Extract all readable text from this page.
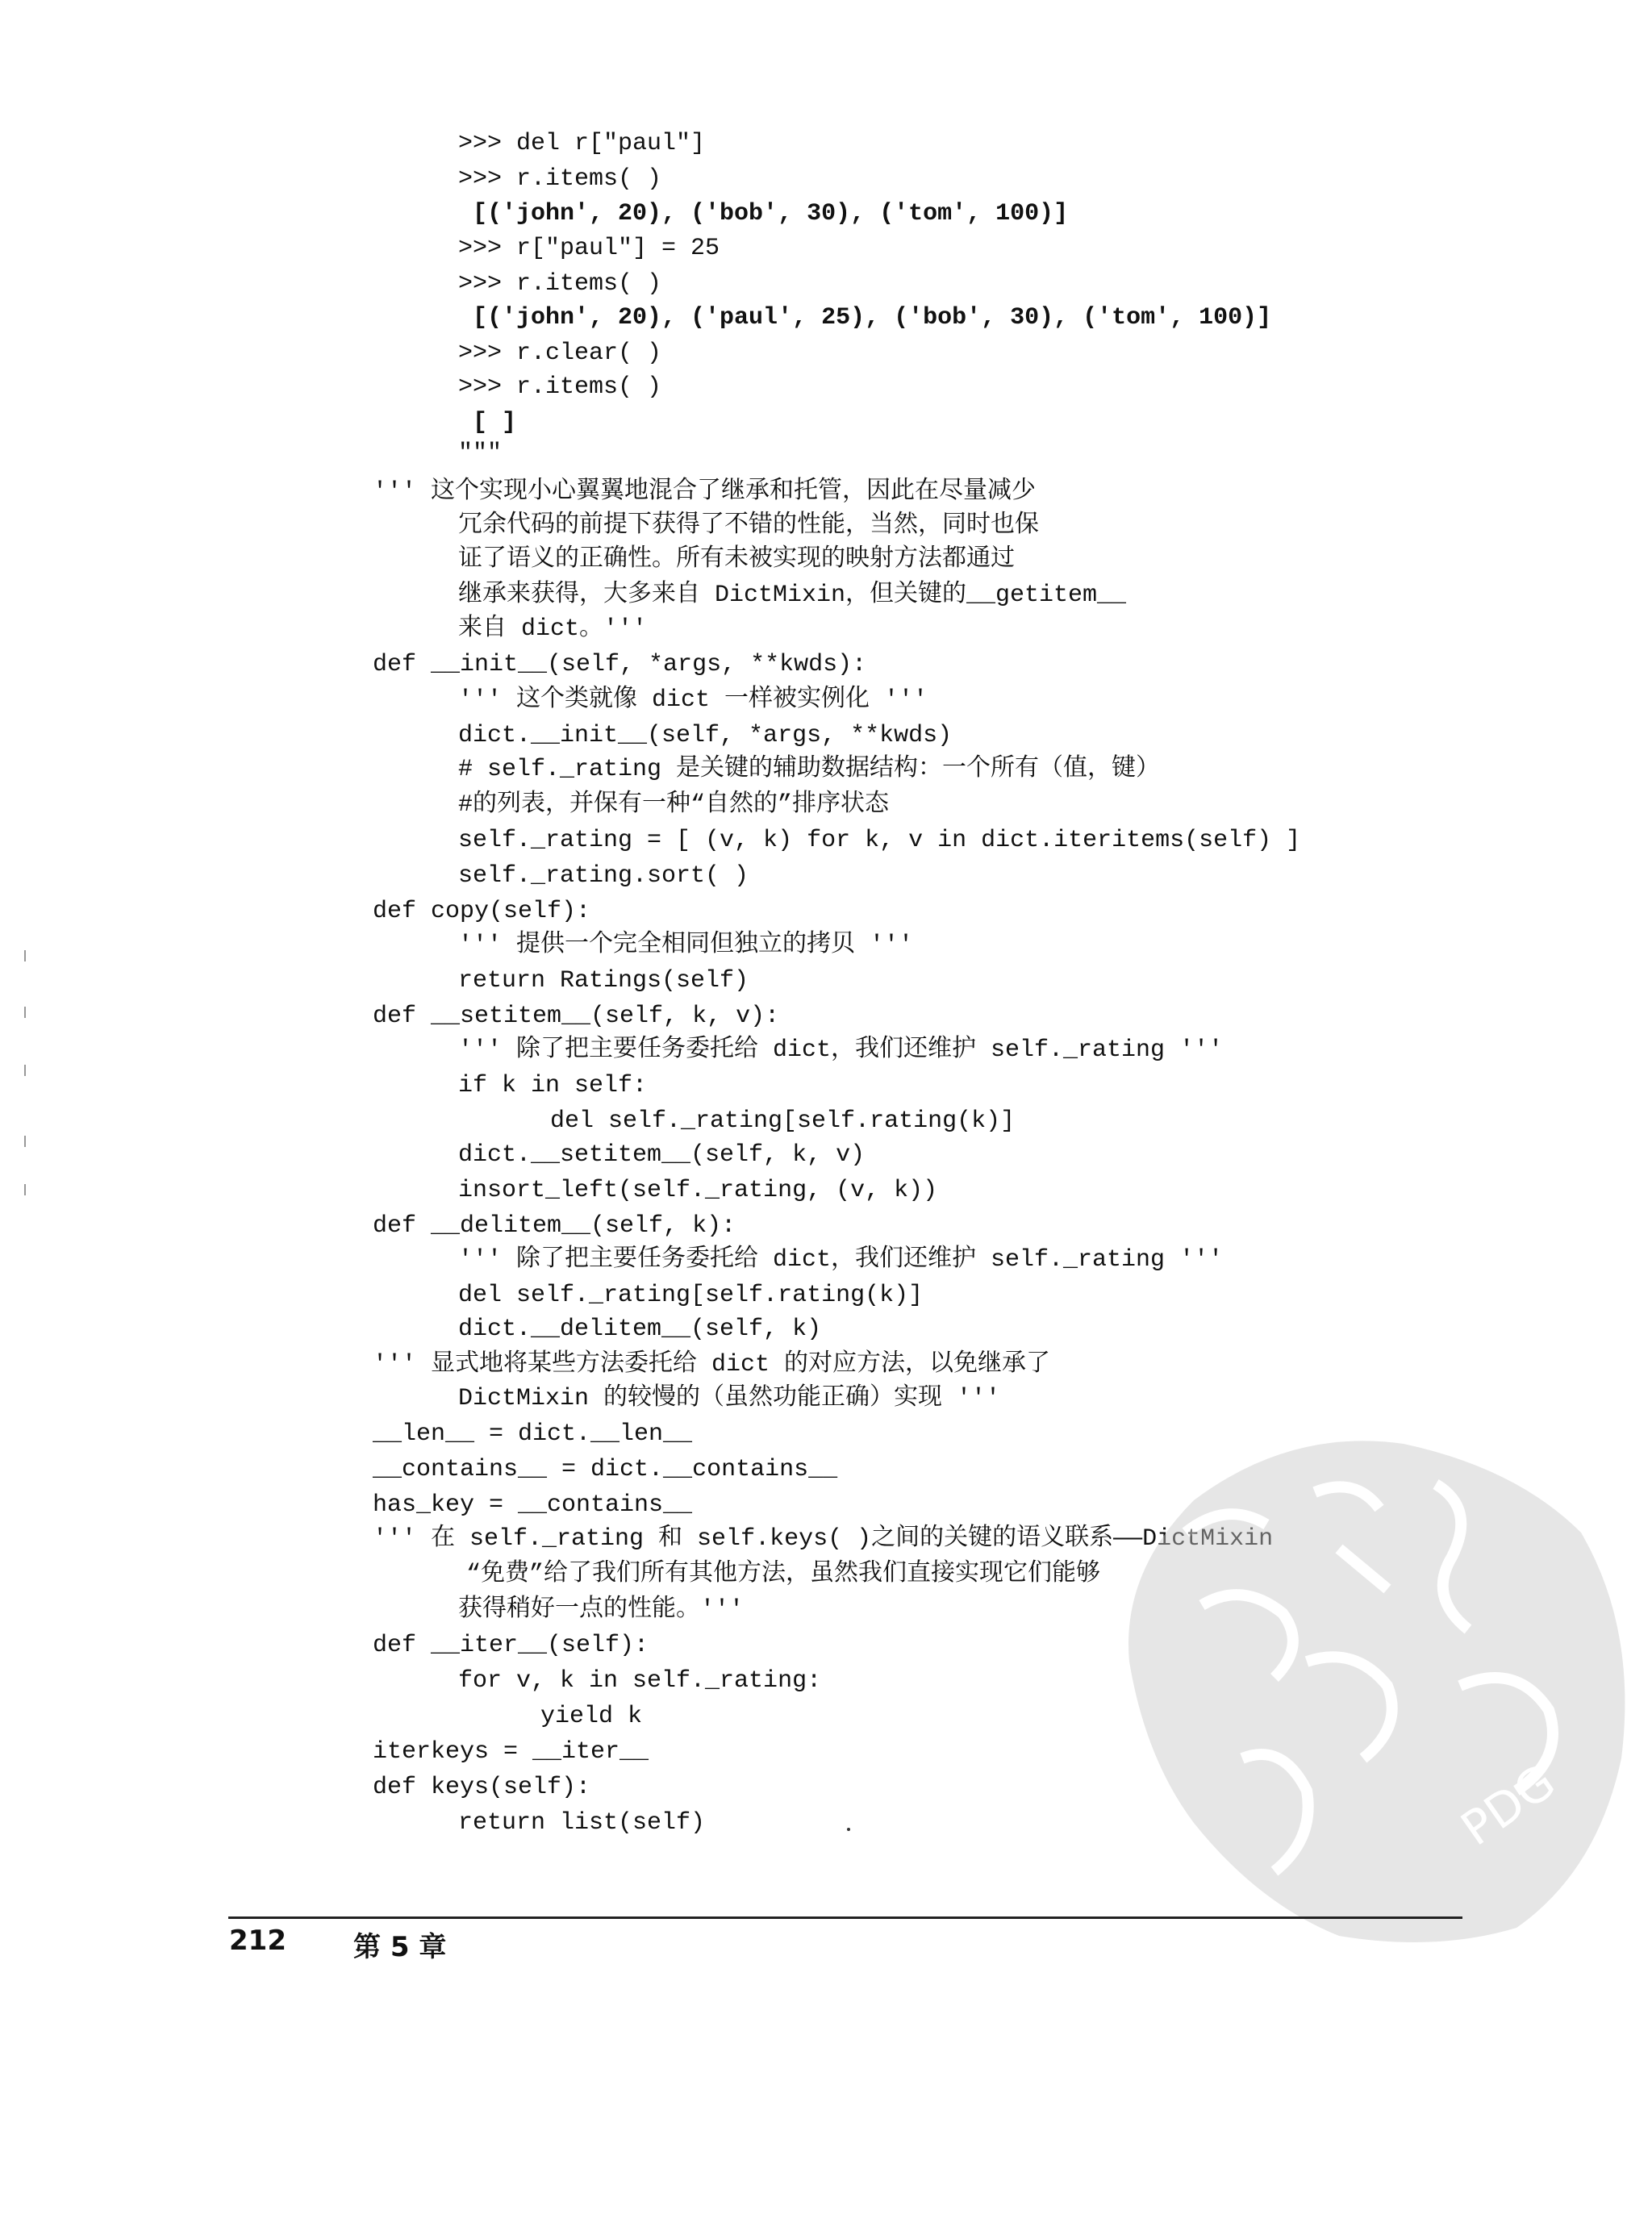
>>> del r["paul"]
>>> r.items( )
[('john', 20), ('bob', 30), ('tom', 100)]
>>> r["paul"] = 25
>>> r.items( )
[('john', 20), ('paul', 25), ('bob', 30), ('tom', 100)]
>>> r.clear( )
>>> r.items( )
[ ]
"""
''' 这个实现小心翼翼地混合了继承和托管，因此在尽量减少
冗余代码的前提下获得了不错的性能，当然，同时也保
证了语义的正确性。所有未被实现的映射方法都通过
继承来获得，大多来自 DictMixin，但关键的__getitem__
来自 dict。'''
def __init__(self, *args, **kwds):
''' 这个类就像 dict 一样被实例化 '''
dict.__init__(self, *args, **kwds)
# self._rating 是关键的辅助数据结构：一个所有（值，键）
#的列表，并保有一种“自然的”排序状态
self._rating = [ (v, k) for k, v in dict.iteritems(self) ]
self._rating.sort( )
def copy(self):
''' 提供一个完全相同但独立的拷贝 '''
return Ratings(self)
def __setitem__(self, k, v):
''' 除了把主要任务委托给 dict，我们还维护 self._rating '''
if k in self:
del self._rating[self.rating(k)]
dict.__setitem__(self, k, v)
insort_left(self._rating, (v, k))
def __delitem__(self, k):
''' 除了把主要任务委托给 dict，我们还维护 self._rating '''
del self._rating[self.rating(k)]
dict.__delitem__(self, k)
''' 显式地将某些方法委托给 dict 的对应方法，以免继承了
DictMixin 的较慢的（虽然功能正确）实现 '''
__len__ = dict.__len__
__contains__ = dict.__contains__
has_key = __contains__
''' 在 self._rating 和 self.keys( )之间的关键的语义联系——DictMixin
“免费”给了我们所有其他方法，虽然我们直接实现它们能够
获得稍好一点的性能。'''
def __iter__(self):
for v, k in self._rating:
yield k
iterkeys = __iter__
def keys(self):
return list(self)	PDG
212 第 5 章
